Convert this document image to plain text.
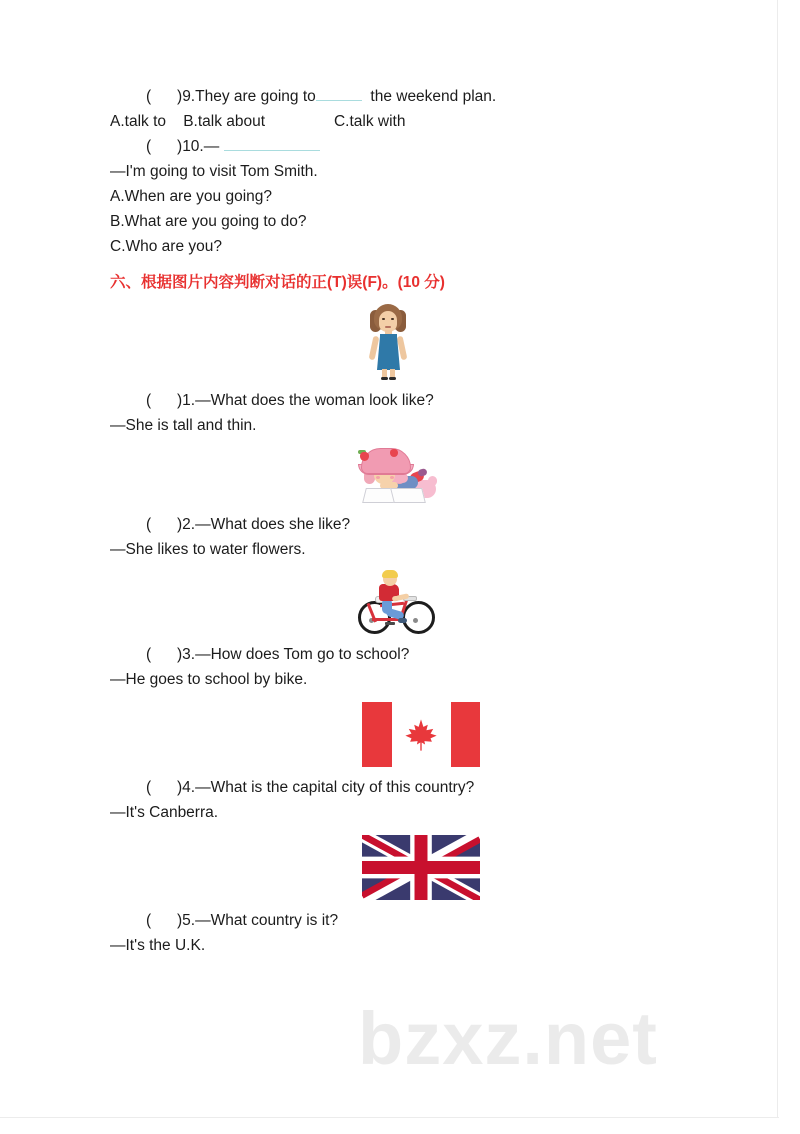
bzxz.net
( )9.They are going to	the weekend plan.
A.talk to    B.talk about                C.talk with
( )10.—
—I'm going to visit Tom Smith.
A.When are you going?
B.What are you going to do?
C.Who are you?
六、根据图片内容判断对话的正(T)误(F)。(10 分)
(      )1.—What does the woman look like?
—She is tall and thin.
(      )2.—What does she like?
—She likes to water flowers.
(      )3.—How does Tom go to school?
—He goes to school by bike.
(      )4.—What is the capital city of this country?
—It's Canberra.
(      )5.—What country is it?
—It's the U.K.
